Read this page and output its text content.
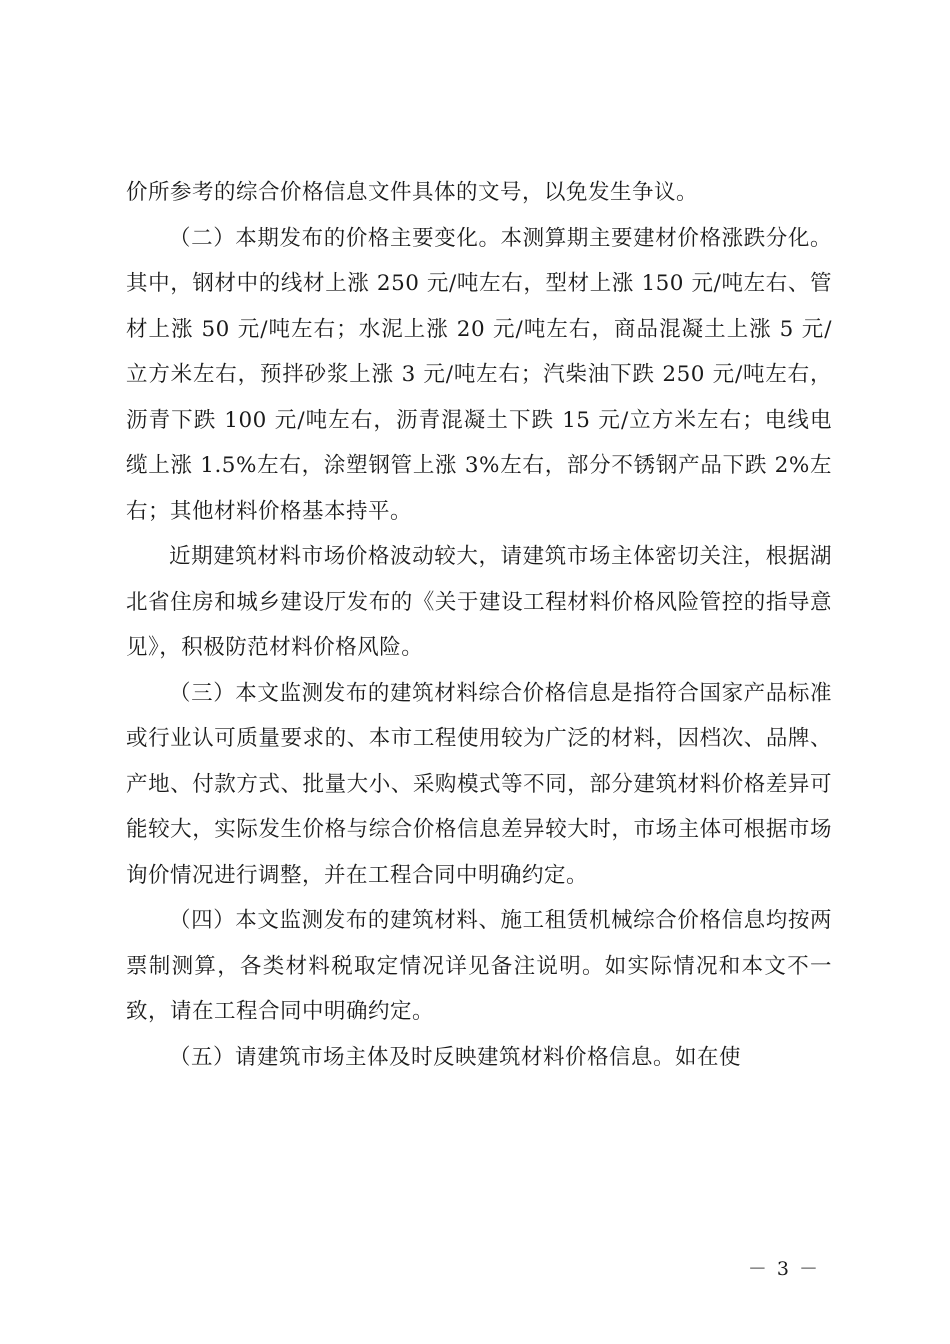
价所参考的综合价格信息文件具体的文号，以免发生争议。

（二）本期发布的价格主要变化。本测算期主要建材价格涨跌分化。其中，钢材中的线材上涨 250 元/吨左右，型材上涨 150 元/吨左右、管材上涨 50 元/吨左右；水泥上涨 20 元/吨左右，商品混凝土上涨 5 元/立方米左右，预拌砂浆上涨 3 元/吨左右；汽柴油下跌 250 元/吨左右，沥青下跌 100 元/吨左右，沥青混凝土下跌 15 元/立方米左右；电线电缆上涨 1.5%左右，涂塑钢管上涨 3%左右，部分不锈钢产品下跌 2%左右；其他材料价格基本持平。

近期建筑材料市场价格波动较大，请建筑市场主体密切关注，根据湖北省住房和城乡建设厅发布的《关于建设工程材料价格风险管控的指导意见》，积极防范材料价格风险。

（三）本文监测发布的建筑材料综合价格信息是指符合国家产品标准或行业认可质量要求的、本市工程使用较为广泛的材料，因档次、品牌、产地、付款方式、批量大小、采购模式等不同，部分建筑材料价格差异可能较大，实际发生价格与综合价格信息差异较大时，市场主体可根据市场询价情况进行调整，并在工程合同中明确约定。

（四）本文监测发布的建筑材料、施工租赁机械综合价格信息均按两票制测算，各类材料税取定情况详见备注说明。如实际情况和本文不一致，请在工程合同中明确约定。

（五）请建筑市场主体及时反映建筑材料价格信息。如在使

－ 3 －
